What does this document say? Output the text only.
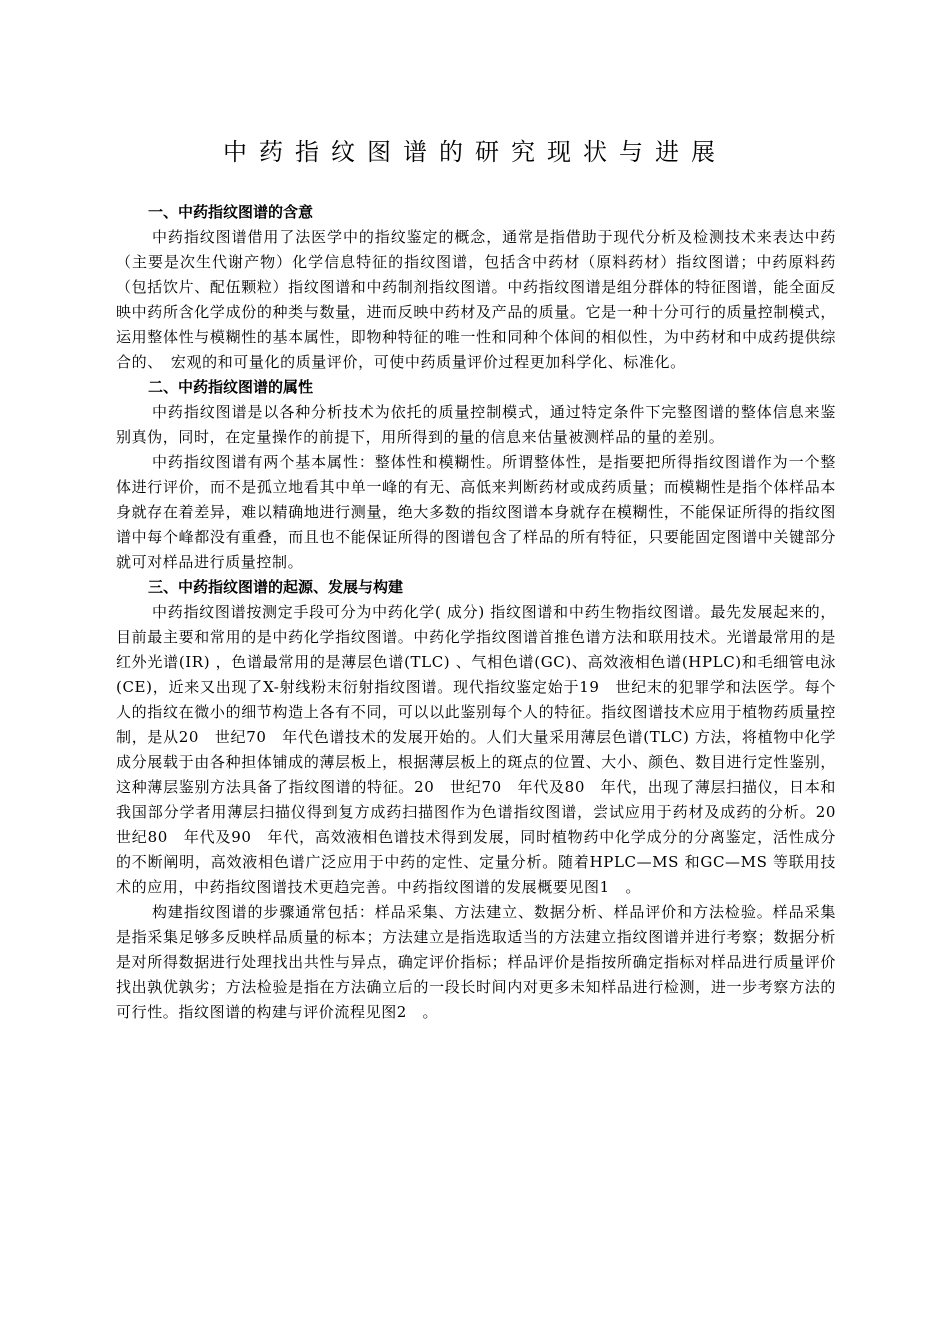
中药指纹图谱的研究现状与进展

一、中药指纹图谱的含意

中药指纹图谱借用了法医学中的指纹鉴定的概念，通常是指借助于现代分析及检测技术来表达中药（主要是次生代谢产物）化学信息特征的指纹图谱，包括含中药材（原料药材）指纹图谱；中药原料药（包括饮片、配伍颗粒）指纹图谱和中药制剂指纹图谱。中药指纹图谱是组分群体的特征图谱，能全面反映中药所含化学成份的种类与数量，进而反映中药材及产品的质量。它是一种十分可行的质量控制模式，运用整体性与模糊性的基本属性，即物种特征的唯一性和同种个体间的相似性，为中药材和中成药提供综合的、　宏观的和可量化的质量评价，可使中药质量评价过程更加科学化、标准化。

二、中药指纹图谱的属性

中药指纹图谱是以各种分析技术为依托的质量控制模式，通过特定条件下完整图谱的整体信息来鉴别真伪，同时，在定量操作的前提下，用所得到的量的信息来估量被测样品的量的差别。

中药指纹图谱有两个基本属性：整体性和模糊性。所谓整体性，是指要把所得指纹图谱作为一个整体进行评价，而不是孤立地看其中单一峰的有无、高低来判断药材或成药质量；而模糊性是指个体样品本身就存在着差异，难以精确地进行测量，绝大多数的指纹图谱本身就存在模糊性，不能保证所得的指纹图谱中每个峰都没有重叠，而且也不能保证所得的图谱包含了样品的所有特征，只要能固定图谱中关键部分就可对样品进行质量控制。

三、中药指纹图谱的起源、发展与构建

中药指纹图谱按测定手段可分为中药化学( 成分) 指纹图谱和中药生物指纹图谱。最先发展起来的，目前最主要和常用的是中药化学指纹图谱。中药化学指纹图谱首推色谱方法和联用技术。光谱最常用的是红外光谱(IR) ，色谱最常用的是薄层色谱(TLC) 、气相色谱(GC)、高效液相色谱(HPLC)和毛细管电泳(CE)，近来又出现了X-射线粉末衍射指纹图谱。现代指纹鉴定始于19　世纪末的犯罪学和法医学。每个人的指纹在微小的细节构造上各有不同，可以以此鉴别每个人的特征。指纹图谱技术应用于植物药质量控制，是从20　世纪70　年代色谱技术的发展开始的。人们大量采用薄层色谱(TLC) 方法，将植物中化学成分展载于由各种担体铺成的薄层板上，根据薄层板上的斑点的位置、大小、颜色、数目进行定性鉴别，这种薄层鉴别方法具备了指纹图谱的特征。20　世纪70　年代及80　年代，出现了薄层扫描仪，日本和我国部分学者用薄层扫描仪得到复方成药扫描图作为色谱指纹图谱，尝试应用于药材及成药的分析。20　世纪80　年代及90　年代，高效液相色谱技术得到发展，同时植物药中化学成分的分离鉴定，活性成分的不断阐明，高效液相色谱广泛应用于中药的定性、定量分析。随着HPLC—MS 和GC—MS 等联用技术的应用，中药指纹图谱技术更趋完善。中药指纹图谱的发展概要见图1　。

构建指纹图谱的步骤通常包括：样品采集、方法建立、数据分析、样品评价和方法检验。样品采集是指采集足够多反映样品质量的标本；方法建立是指选取适当的方法建立指纹图谱并进行考察；数据分析是对所得数据进行处理找出共性与异点，确定评价指标；样品评价是指按所确定指标对样品进行质量评价找出孰优孰劣；方法检验是指在方法确立后的一段长时间内对更多未知样品进行检测，进一步考察方法的可行性。指纹图谱的构建与评价流程见图2　。
